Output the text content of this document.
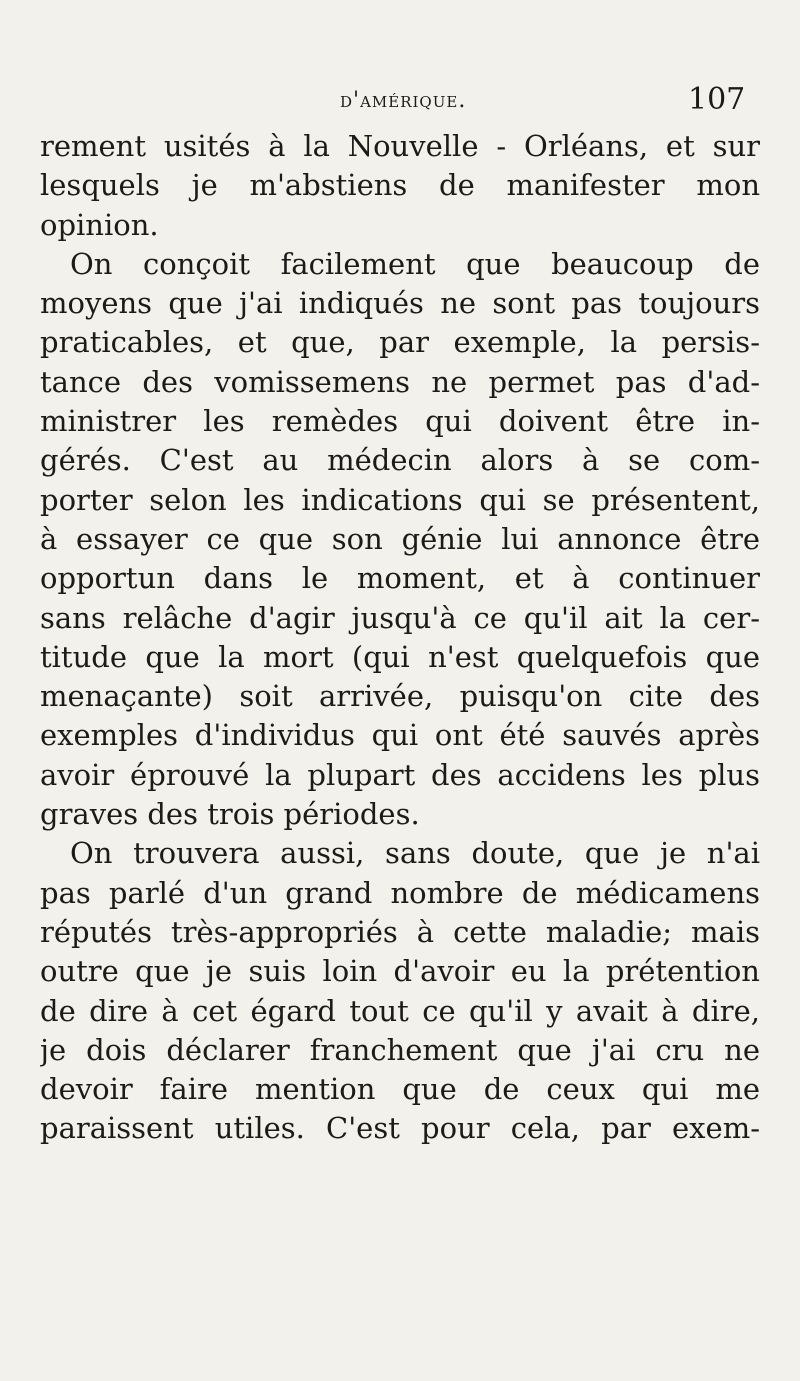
d'amérique.	107
rement usités à la Nouvelle - Orléans, et sur
lesquels je m'abstiens de manifester mon
opinion.
On conçoit facilement que beaucoup de
moyens que j'ai indiqués ne sont pas toujours
praticables, et que, par exemple, la persis-
tance des vomissemens ne permet pas d'ad-
ministrer les remèdes qui doivent être in-
gérés. C'est au médecin alors à se com-
porter selon les indications qui se présentent,
à essayer ce que son génie lui annonce être
opportun dans le moment, et à continuer
sans relâche d'agir jusqu'à ce qu'il ait la cer-
titude que la mort (qui n'est quelquefois que
menaçante) soit arrivée, puisqu'on cite des
exemples d'individus qui ont été sauvés après
avoir éprouvé la plupart des accidens les plus
graves des trois périodes.
On trouvera aussi, sans doute, que je n'ai
pas parlé d'un grand nombre de médicamens
réputés très-appropriés à cette maladie; mais
outre que je suis loin d'avoir eu la prétention
de dire à cet égard tout ce qu'il y avait à dire,
je dois déclarer franchement que j'ai cru ne
devoir faire mention que de ceux qui me
paraissent utiles. C'est pour cela, par exem-
